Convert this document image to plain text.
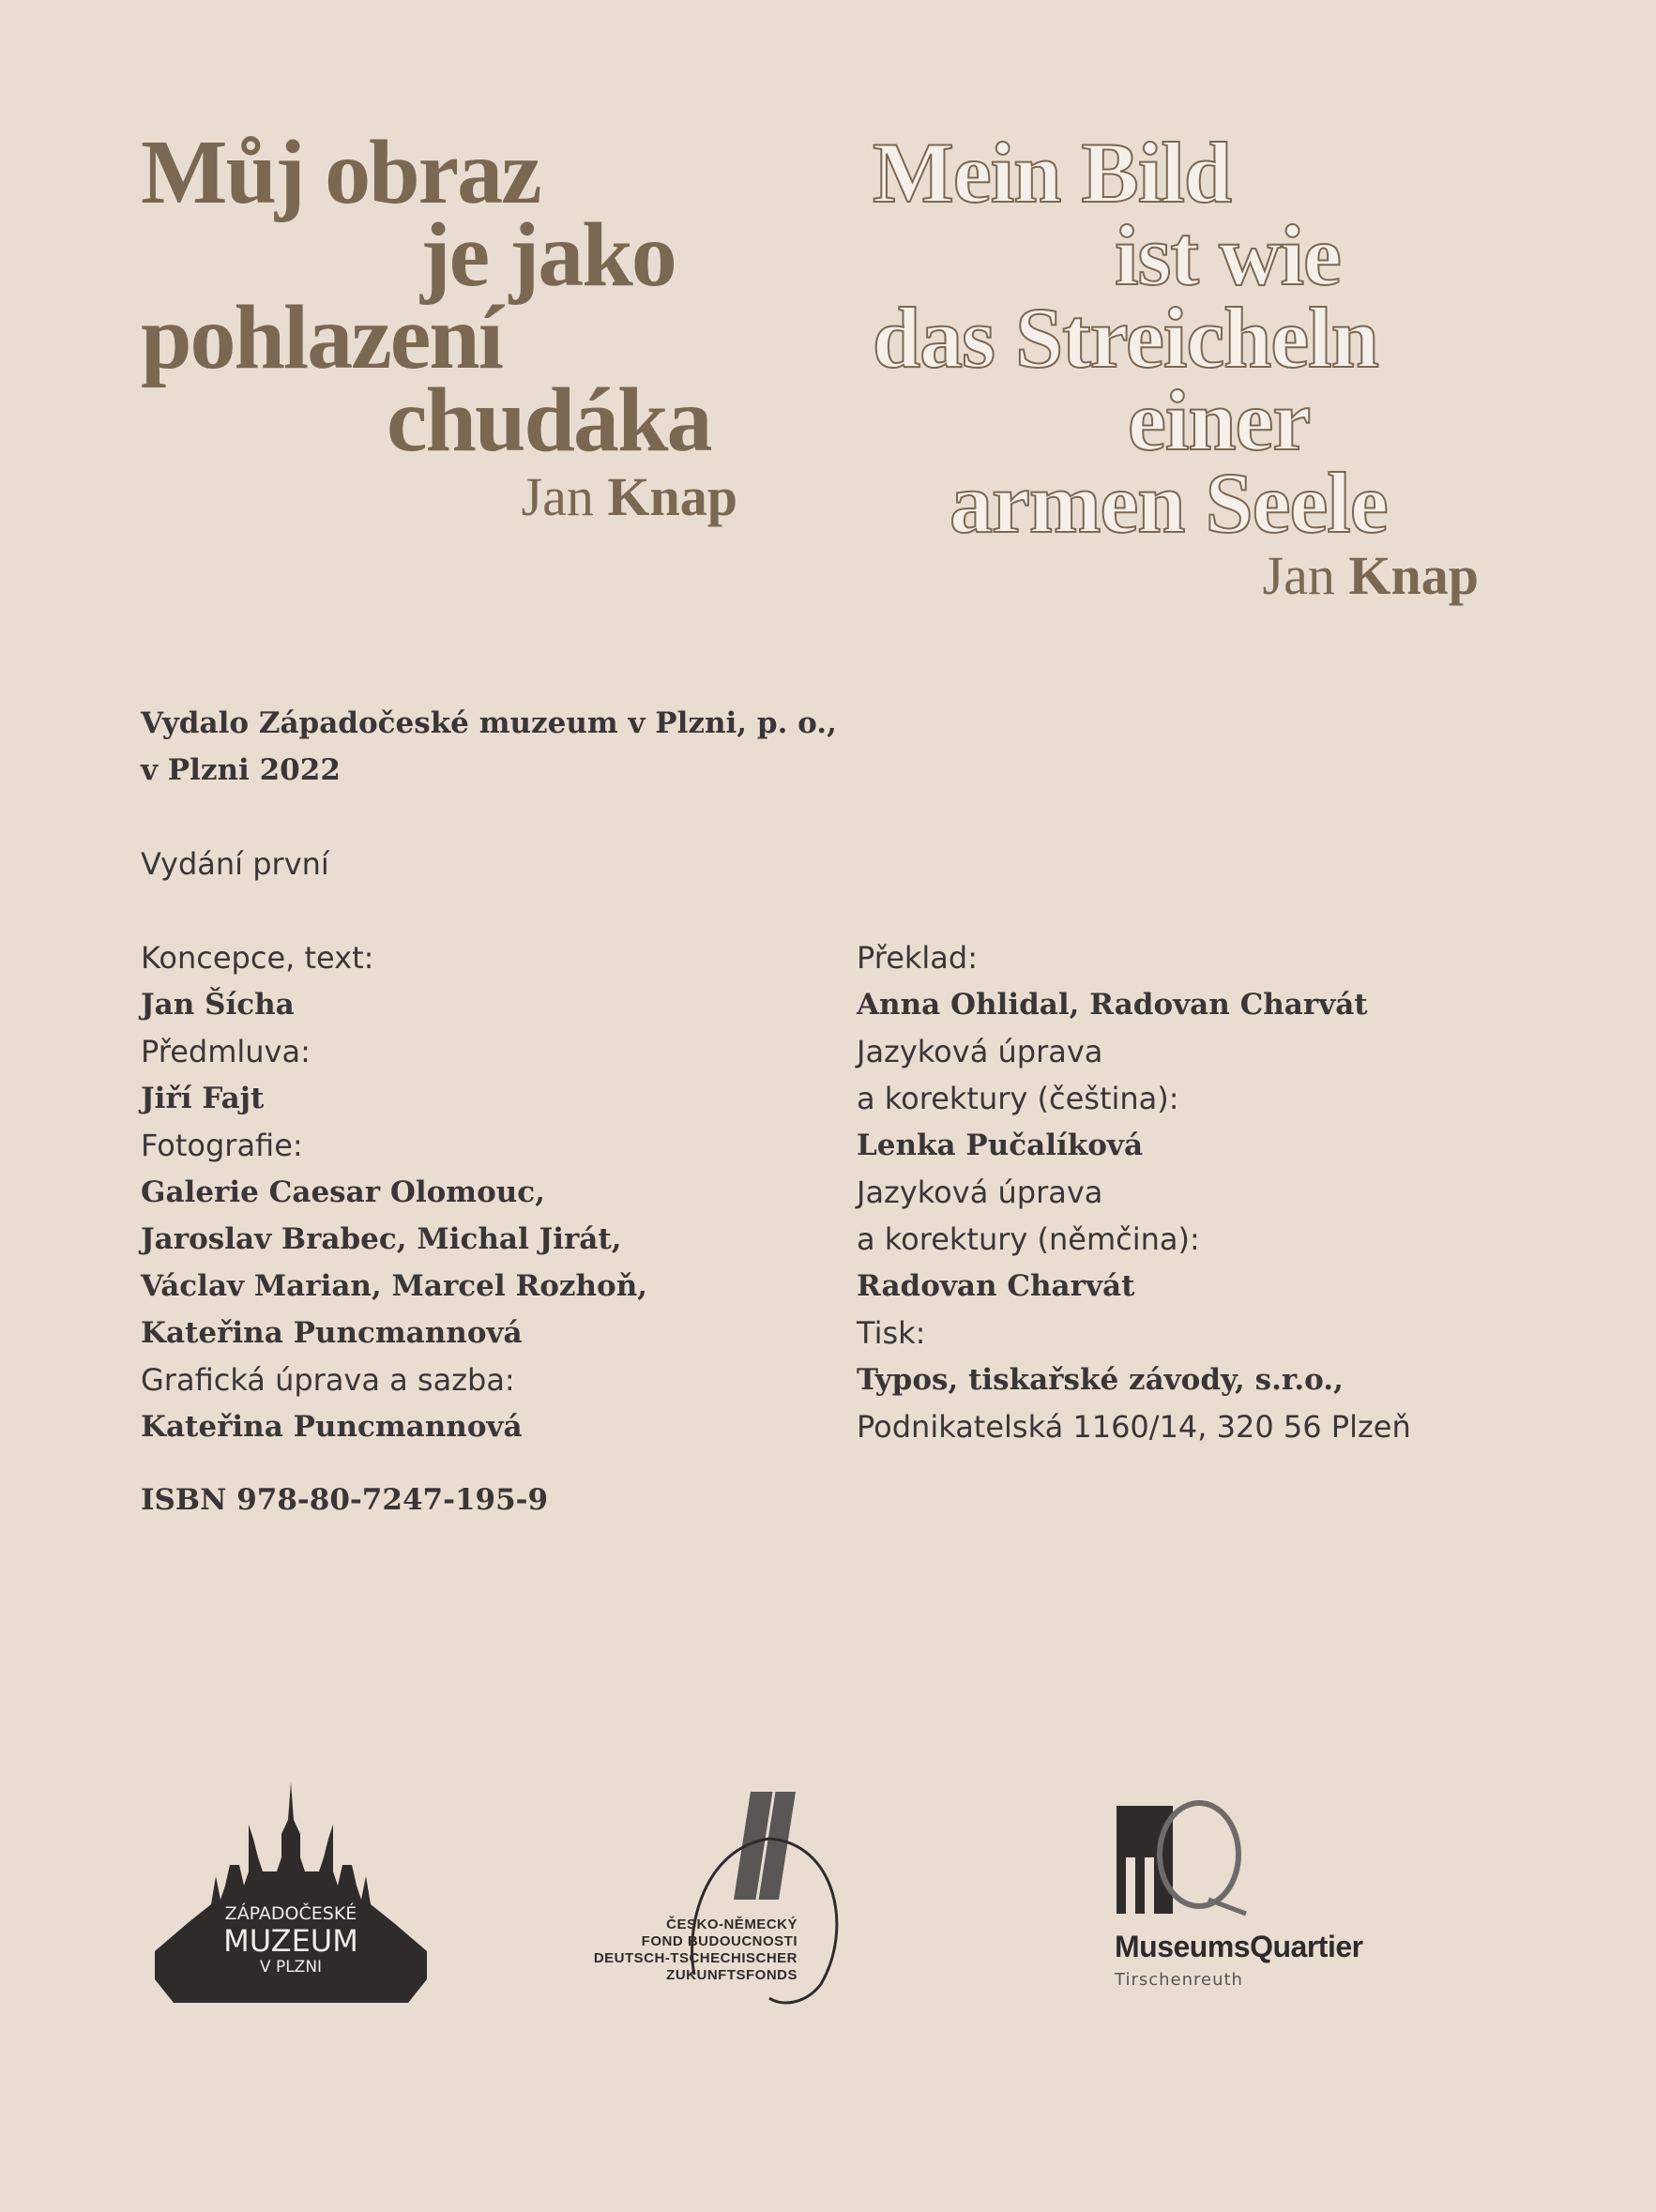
Můj obraz
je jako
pohlazení
chudáka
Jan Knap
Mein Bild
ist wie
das Streicheln
einer
armen Seele
Jan Knap
Vydalo Západočeské muzeum v Plzni, p. o.,
v Plzni 2022
Vydání první
Koncepce, text:
Jan Šícha
Předmluva:
Jiří Fajt
Fotografie:
Galerie Caesar Olomouc,
Jaroslav Brabec, Michal Jirát,
Václav Marian, Marcel Rozhoň,
Kateřina Puncmannová
Grafická úprava a sazba:
Kateřina Puncmannová
ISBN 978-80-7247-195-9
Překlad:
Anna Ohlidal, Radovan Charvát
Jazyková úprava
a korektury (čeština):
Lenka Pučalíková
Jazyková úprava
a korektury (němčina):
Radovan Charvát
Tisk:
Typos, tiskařské závody, s.r.o.,
Podnikatelská 1160/14, 320 56 Plzeň
ZÁPADOČESKÉ
MUZEUM
V PLZNI
ČESKO-NĚMECKÝ
FOND BUDOUCNOSTI
DEUTSCH-TSCHECHISCHER
ZUKUNFTSFONDS
MuseumsQuartier
Tirschenreuth
